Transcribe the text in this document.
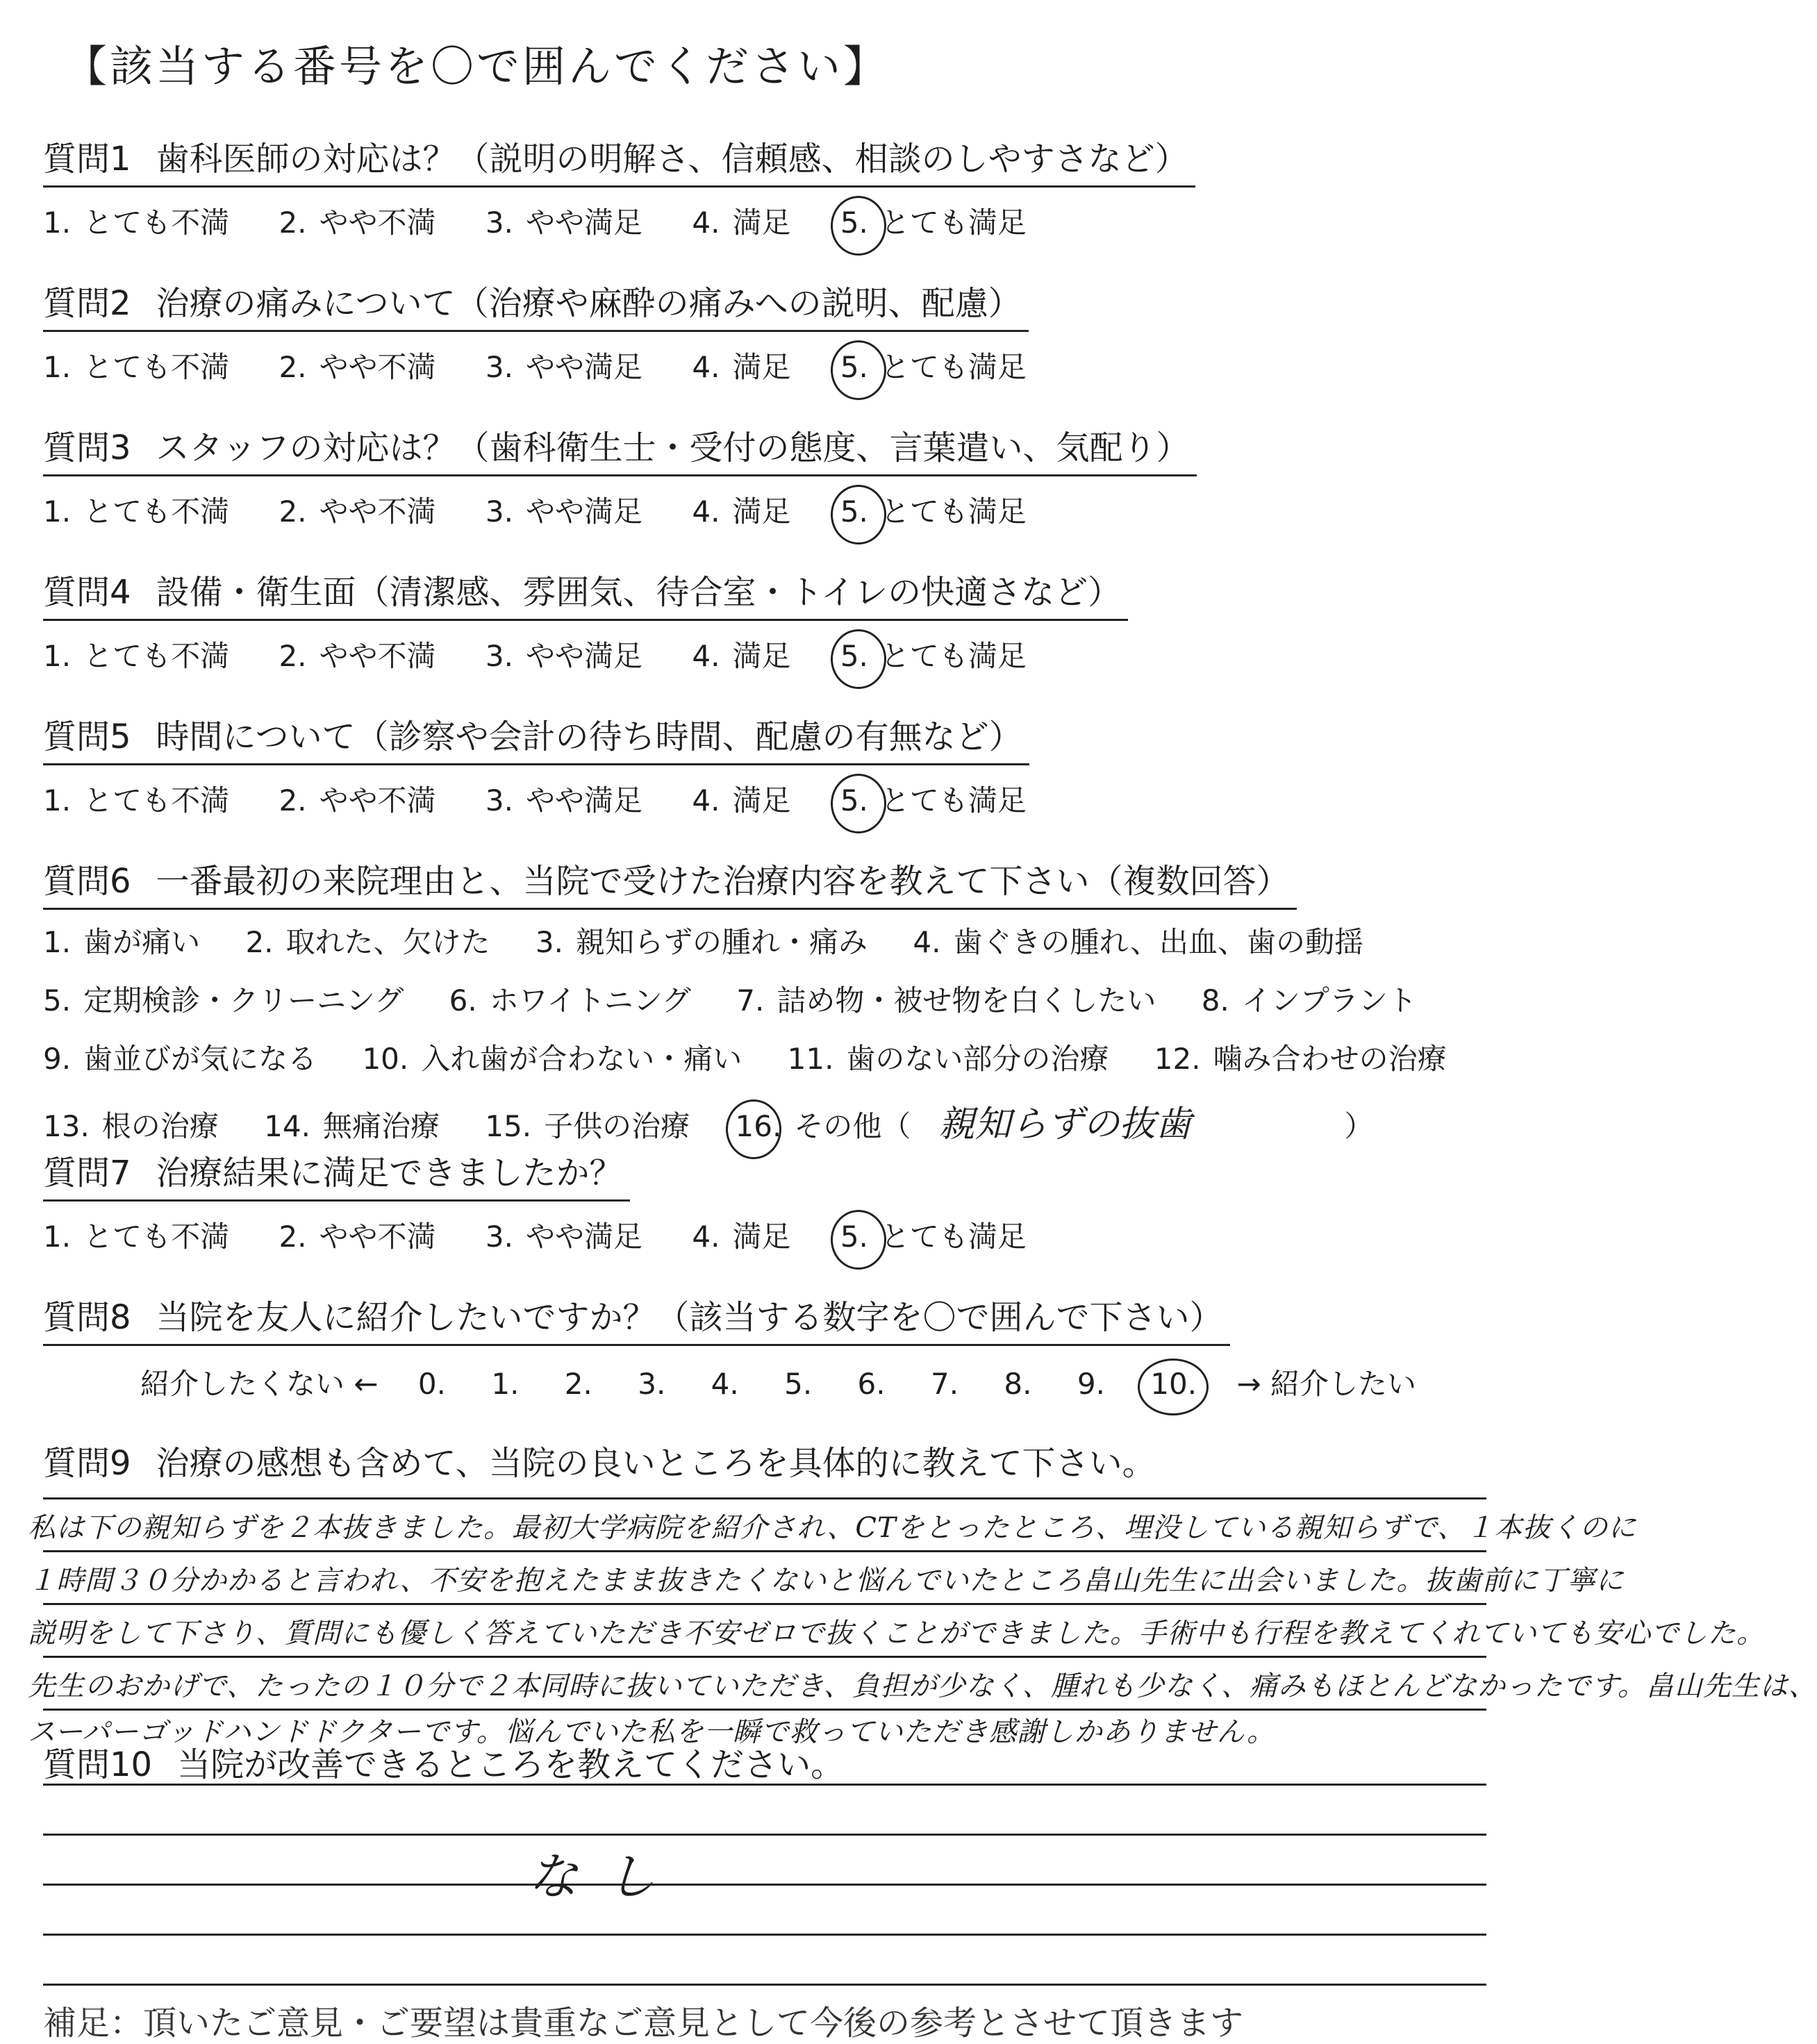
【該当する番号を〇で囲んでください】
質問1 歯科医師の対応は？（説明の明解さ、信頼感、相談のしやすさなど）
1. とても不満 2. やや不満 3. やや満足 4. 満足 5. とても満足
質問2 治療の痛みについて（治療や麻酔の痛みへの説明、配慮）
1. とても不満 2. やや不満 3. やや満足 4. 満足 5. とても満足
質問3 スタッフの対応は？（歯科衛生士・受付の態度、言葉遣い、気配り）
1. とても不満 2. やや不満 3. やや満足 4. 満足 5. とても満足
質問4 設備・衛生面（清潔感、雰囲気、待合室・トイレの快適さなど）
1. とても不満 2. やや不満 3. やや満足 4. 満足 5. とても満足
質問5 時間について（診察や会計の待ち時間、配慮の有無など）
1. とても不満 2. やや不満 3. やや満足 4. 満足 5. とても満足
質問6 一番最初の来院理由と、当院で受けた治療内容を教えて下さい（複数回答）
1. 歯が痛い 2. 取れた、欠けた 3. 親知らずの腫れ・痛み 4. 歯ぐきの腫れ、出血、歯の動揺
5. 定期検診・クリーニング 6. ホワイトニング 7. 詰め物・被せ物を白くしたい 8. インプラント
9. 歯並びが気になる 10. 入れ歯が合わない・痛い 11. 歯のない部分の治療 12. 噛み合わせの治療
13. 根の治療 14. 無痛治療 15. 子供の治療 16. その他（ 親知らずの抜歯	）
質問7 治療結果に満足できましたか？
1. とても不満 2. やや不満 3. やや満足 4. 満足 5. とても満足
質問8 当院を友人に紹介したいですか？（該当する数字を〇で囲んで下さい）
紹介したくない ← 0. 1. 2. 3. 4. 5. 6. 7. 8. 9. 10. → 紹介したい
質問9 治療の感想も含めて、当院の良いところを具体的に教えて下さい。
私は下の親知らずを２本抜きました。最初大学病院を紹介され、CTをとったところ、埋没している親知らずで、１本抜くのに
１時間３０分かかると言われ、不安を抱えたまま抜きたくないと悩んでいたところ畠山先生に出会いました。抜歯前に丁寧に
説明をして下さり、質問にも優しく答えていただき不安ゼロで抜くことができました。手術中も行程を教えてくれていても安心でした。
先生のおかげで、たったの１０分で２本同時に抜いていただき、負担が少なく、腫れも少なく、痛みもほとんどなかったです。畠山先生は、
スーパーゴッドハンドドクターです。悩んでいた私を一瞬で救っていただき感謝しかありません。
質問10 当院が改善できるところを教えてください。
なし
補足：頂いたご意見・ご要望は貴重なご意見として今後の参考とさせて頂きます
